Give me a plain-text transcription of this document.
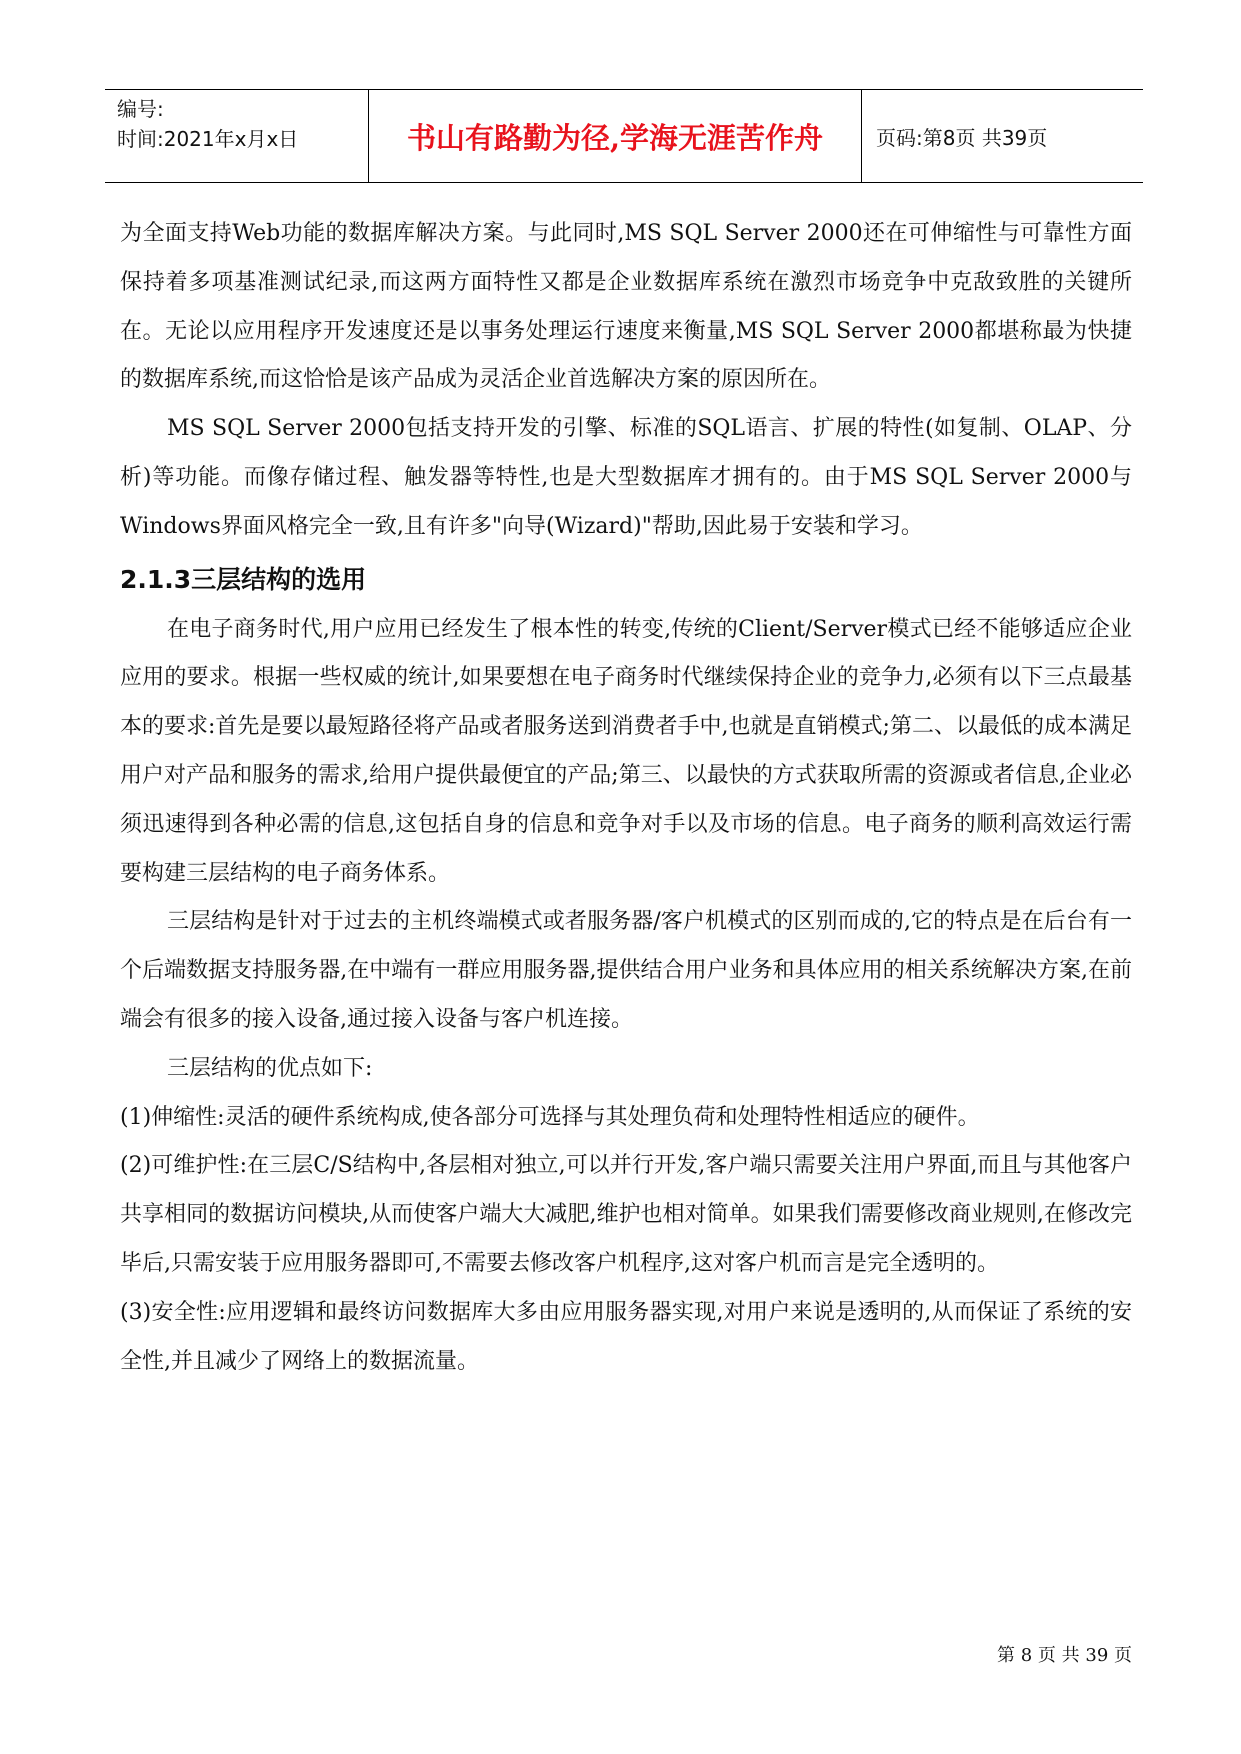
编号:
时间:2021年x月x日	书山有路勤为径,学海无涯苦作舟	页码:第8页 共39页

为全面支持Web功能的数据库解决方案。与此同时,MS SQL Server 2000还在可伸缩性与可靠性方面保持着多项基准测试纪录,而这两方面特性又都是企业数据库系统在激烈市场竞争中克敌致胜的关键所在。无论以应用程序开发速度还是以事务处理运行速度来衡量,MS SQL Server 2000都堪称最为快捷的数据库系统,而这恰恰是该产品成为灵活企业首选解决方案的原因所在。

MS SQL Server 2000包括支持开发的引擎、标准的SQL语言、扩展的特性(如复制、OLAP、分析)等功能。而像存储过程、触发器等特性,也是大型数据库才拥有的。由于MS SQL Server 2000与Windows界面风格完全一致,且有许多"向导(Wizard)"帮助,因此易于安装和学习。

2.1.3三层结构的选用

在电子商务时代,用户应用已经发生了根本性的转变,传统的Client/Server模式已经不能够适应企业应用的要求。根据一些权威的统计,如果要想在电子商务时代继续保持企业的竞争力,必须有以下三点最基本的要求:首先是要以最短路径将产品或者服务送到消费者手中,也就是直销模式;第二、以最低的成本满足用户对产品和服务的需求,给用户提供最便宜的产品;第三、以最快的方式获取所需的资源或者信息,企业必须迅速得到各种必需的信息,这包括自身的信息和竞争对手以及市场的信息。电子商务的顺利高效运行需要构建三层结构的电子商务体系。

三层结构是针对于过去的主机终端模式或者服务器/客户机模式的区别而成的,它的特点是在后台有一个后端数据支持服务器,在中端有一群应用服务器,提供结合用户业务和具体应用的相关系统解决方案,在前端会有很多的接入设备,通过接入设备与客户机连接。

三层结构的优点如下:

(1)伸缩性:灵活的硬件系统构成,使各部分可选择与其处理负荷和处理特性相适应的硬件。

(2)可维护性:在三层C/S结构中,各层相对独立,可以并行开发,客户端只需要关注用户界面,而且与其他客户共享相同的数据访问模块,从而使客户端大大减肥,维护也相对简单。如果我们需要修改商业规则,在修改完毕后,只需安装于应用服务器即可,不需要去修改客户机程序,这对客户机而言是完全透明的。

(3)安全性:应用逻辑和最终访问数据库大多由应用服务器实现,对用户来说是透明的,从而保证了系统的安全性,并且减少了网络上的数据流量。

第 8 页 共 39 页
